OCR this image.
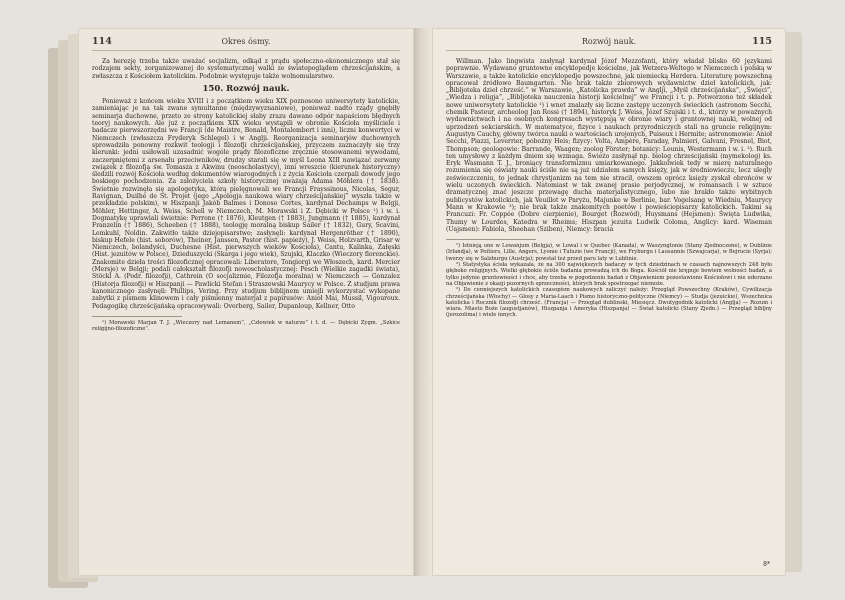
114	Okres ósmy.

Za herezję trzeba także uważać socjalizm, odkąd z prądu społeczno-ekonomicznego stał się rodzajem sekty, zorganizowanej do systematycznej walki ze światopoglądem chrześcijańskim, a zwłaszcza z Kościołem katolickim. Podobnie występuje także wolnomularstwo.

150. Rozwój nauk.

Ponieważ z końcem wieku XVIII i z początkiem wieku XIX poznosono uniwersytety katolickie, zamieniając je na tak zwane symultanne (międzywyznaniowe), ponieważ nadto rządy gnębiły seminarja duchowne, przeto ze strony katolickiej słaby zrazu dawano odpór napaściom błędnych teoryj naukowych. Ale już z początkiem XIX wieku wystąpili w obronie Kościoła myśliciele i badacze pierwszorzędni we Francji (de Maistre, Bonald, Montalembert i inni), liczni konwertyci w Niemczech (zwłaszcza Fryderyk Schlegel) i w Anglji. Reorganizacja seminarjów duchownych sprowadziła ponowny rozkwit teologji i filozofji chrześcijańskiej, przyczem zaznaczyły się trzy kierunki: jedni usiłowali uzasadnić wogóle prądy filozoficzne zręcznie stosowanemi wywodami, zaczerpniętemi z arsenału przeciwników, drudzy starali się w myśl Leona XIII nawiązać zerwany związek z filozofją św. Tomasza z Akwinu (neoscholastycy), inni wreszcie (kierunek historyczny) śledzili rozwój Kościoła według dokumentów wiarogodnych i z życia Kościoła czerpali dowody jego boskiego pochodzenia. Za założyciela szkoły historycznej uważają Adama Möhlera († 1838). Świetnie rozwinęła się apologetyka, którą pielęgnowali we Francji Frayssinous, Nicolas, Segur, Ravignan, Duilhé de St. Projet (jego „Apologja naukowa wiary chrześcijańskiej” wyszła także w przekładzie polskim), w Hiszpanji Jakób Balmes i Donoso Cortes, kardynał Dechamps w Belgji, Möhler, Hettinger, A. Weiss, Schell w Niemczech, M. Morawski i Z. Dębicki w Polsce ¹) i w. i. Dogmatykę uprawiali świetnie: Perrone († 1876), Kleutgen († 1883), Jungmann († 1885), kardynał Franzelin († 1886), Scheeben († 1888), teologję moralną biskup Sailer († 1832), Gury, Scavini, Lemkuhl, Noldin. Zakwitło także dziejopisarstwo; zasłynęli: kardynał Hergenröther († 1890), biskup Hefele (hist. soborów), Theiner, Janssen, Pastor (hist. papieży), J. Weiss, Holzvarth, Grisar w Niemczech, bolandyści, Duchesne (Hist. pierwszych wieków Kościoła), Cantu, Kalinka, Załęski (Hist. jezuitów w Polsce), Dzieduszycki (Skarga i jego wiek), Szujski, Klaczko (Wieczory florenckie). Znakomite dzieła treści filozoficznej opracowali: Liberatore, Tongiorgi we Włoszech, kard. Mercier (Mersje) w Belgji; podali całokształt filozofji nowoscholastycznej: Pesch (Wielkie zagadki świata), Stöckl A. (Podr. filozofji), Cathrein (O socjalizmie, Filozofja moralna) w Niemczech — Gonzalez (Historja filozofji) w Hiszpanji — Pawlicki Stefan i Straszewski Maurycy w Polsce. Z studjum prawa kanonicznego zasłynęli: Phillips, Vering. Przy studjum biblijnem umiejli wykorzystać wykopane zabytki z pismem klinowem i cały piśmienny materjał z papirusów: Anioł Mai, Mussil, Vigouroux. Pedagogikę chrześcijańską opracowywali: Overberg, Sailer, Dupanloup, Kellner, Otto

¹) Morawski Marjan T. J. „Wieczory nad Lemanem”, „Człowiek w naturze” i t. d. — Dębicki Zygm. „Szkice religijno-filozoficzne”.

Rozwój nauk.	115

Willman. Jako lingwista zasłynął kardynał Józef Mezzofanti, który władał blisko 60 językami poprawnie. Wydawano gruntowne encyklopedje kościelne, jak Wetzera-Weltego w Niemczech i polską w Warszawie, a także katolickie encyklopedje powszechne, jak niemiecką Herdera. Literaturę powszechną opracował źródłowo Baumgarten. Nie brak także zbiorowych wydawnictw dzieł katolickich, jak: „Bibljoteka dzieł chrześć.” w Warszawie, „Katolicka prawda” w Anglji, „Myśl chrześcijańska”, „Święci”, „Wiedza i religja”, „Bibljoteka nauczenia historji kościelnej” we Francji i t. p. Potworzono też składek nowe uniwersytety katolickie ¹) i wnet znalazły się liczne zastępy uczonych świeckich (astronom Secchi, chemik Pasteur, archeolog Jan Rossi († 1894), historyk J. Weiss, Józef Szujski i t. d., którzy w powaźnych wydawnictwach i na osobnych kongresach występują w obronie wiary i gruntownej nauki, wolnej od uprzedzeń sekciarskich. W matematyce, fizyce i naukach przyrodniczych stali na gruncie religijnym: Augustyn Cauchy, główny twórca nauki o wartościach urojonych, Puiseux i Hermite; astronomowie: Anioł Secchi, Piazzi, Leverrier, pobożny Heis; fizycy: Volta, Ampère, Faraday, Palmieri, Galvani, Fresnel, Biot, Thompson; geologowie: Barrande, Waagen; zoolog Förster; botanicy: Leunis, Westermann i w. i. ²). Ruch ten umysłowy z każdym dniem się wzmaga. Świeżo zasłynął np. biolog chrześcijański (mymekolog) ks. Eryk Wasmann T. J., broniący transformizmu umiarkowanego. Jakkolwiek tedy w mierę naturalnego rozumienia się oświaty nauki ściśle nie są już udziałem samych księży, jak w średniowieczu, lecz ulegly ześwieczczeniu, to jednak chrystjanizm na tem nie stracił, owszem oprócz księży zyskał obrońców w wielu uczonych świeckich. Natomiast w tak zwanej prasie perjodycznej, w romansach i w sztuce dramatycznej znać jeszcze przewagę ducha materjalistycznego, lubo nie brakło także wybitnych publicystów katolickich, jak Veuillot w Paryżu, Majunke w Berlinie, bar. Vogelsang w Wiedniu, Maurycy Mann w Krakowie ³); nie brak także znakomitych poetów i powieściopisarzy katolickich. Takimi są Francuzi: Fr. Coppée (Dobre cierpienie), Bourget (Rozwód), Huysmans (Hejsmen): Święta Ludwika, Thumy w Lourdes, Katedra w Rheims; Hiszpan jezuita Ludwik Coloma, Anglicy: kard. Wiseman (Uajsmen): Fabiola, Sheehan (Sziben), Niemcy: bracia

¹) Istnieją one w Lowanjum (Belgja), w Lowal i w Quebec (Kanada), w Waszyngtonie (Stany Zjednoczone), w Dublinie (Irlandja), w Poitiers, Lille, Angers, Lyonie i Tuluzie (we Francji), we Fryburgu i Lausannie (Szwajcarja), w Bejrucie (Syrja); tworzy się w Salzburgu (Austrja); powstał też przed paru laty w Lublinie.

²) Statystyka ścisła wykazała, że na 300 największych badaczy w tych dziedzinach w czasach najnowszych 248 było głęboko religijnych. Wielki głębokie ściśle badania prowadzą ich do Boga. Kościół nie krępuje bowiem wolności badań, a tylko jedynie gruntowności i chce, aby trzeba w pogodzeniu badań z Objawieniem pozostawiono Kościołowi i nie uderzano na Objawienie z okazji pozornych sprzeczności, których brak spostrzegać niemoże.

³) Do cenniejszych katolickich czasopism naukowych zaliczyć należy: Przegląd Powszechny (Kraków), Cywilizacja chrześcijańska (Włochy) — Głosy z Maria-Laach i Pismo historyczno-polityczne (Niemcy) — Studja (jezuickie), Wszechnica katolicka i Rocznik filozofji chrześć. (Francja) — Przegląd dublinski, Miesięcz. Dwutygodnik katolicki (Anglja) — Rozum i wiara. Miasto Boże (augustjanów), Hiszpanja i Ameryka (Hiszpanja) — Świat katolicki (Stany Zjedn.) — Przegląd bibljny (jerozolima) i wiele innych.

8*
